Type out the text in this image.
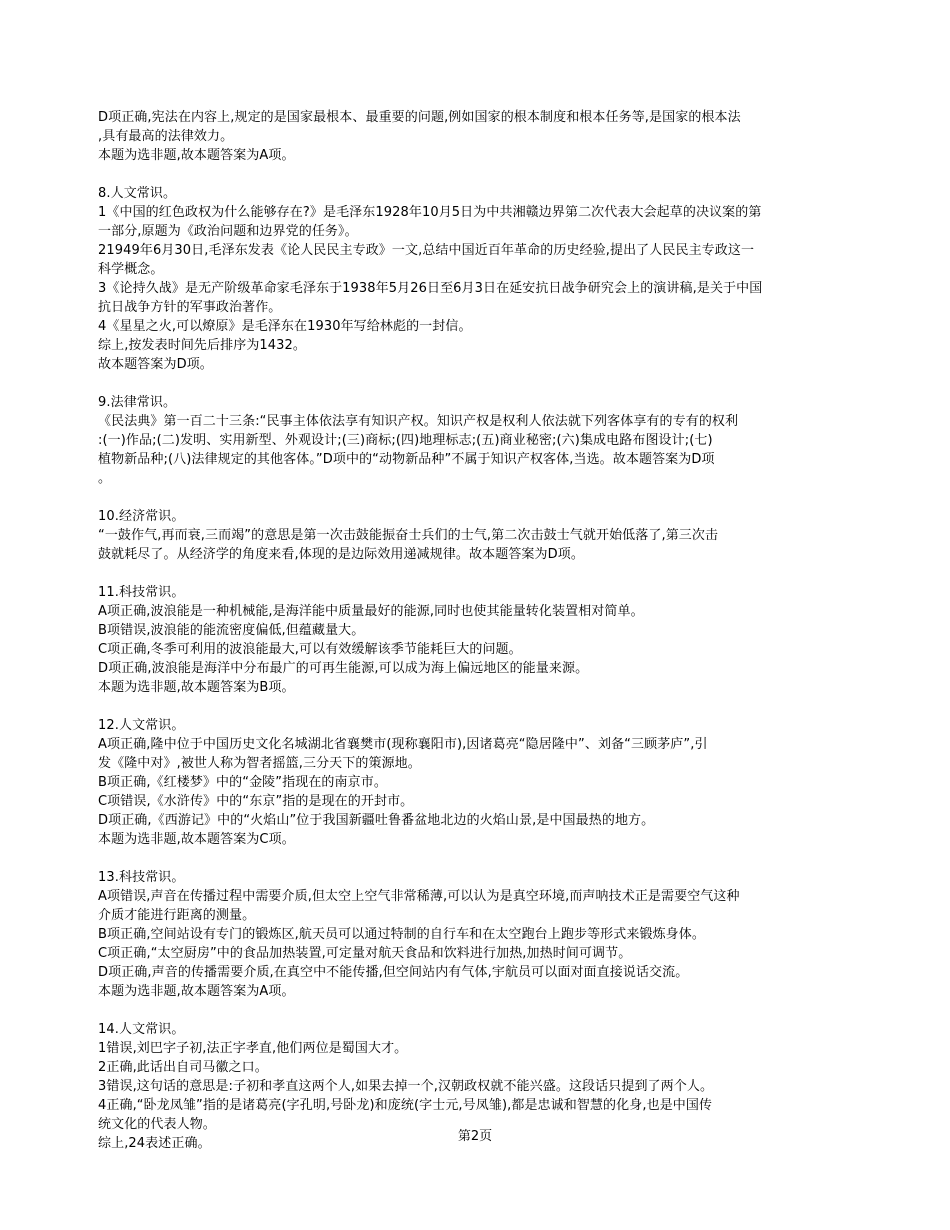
D项正确,宪法在内容上,规定的是国家最根本、最重要的问题,例如国家的根本制度和根本任务等,是国家的根本法
,具有最高的法律效力。
本题为选非题,故本题答案为A项。
8.人文常识。
1《中国的红色政权为什么能够存在?》是毛泽东1928年10月5日为中共湘赣边界第二次代表大会起草的决议案的第
一部分,原题为《政治问题和边界党的任务》。
21949年6月30日,毛泽东发表《论人民民主专政》一文,总结中国近百年革命的历史经验,提出了人民民主专政这一
科学概念。
3《论持久战》是无产阶级革命家毛泽东于1938年5月26日至6月3日在延安抗日战争研究会上的演讲稿,是关于中国
抗日战争方针的军事政治著作。
4《星星之火,可以燎原》是毛泽东在1930年写给林彪的一封信。
综上,按发表时间先后排序为1432。
故本题答案为D项。
9.法律常识。
《民法典》第一百二十三条:“民事主体依法享有知识产权。知识产权是权利人依法就下列客体享有的专有的权利
:(一)作品;(二)发明、实用新型、外观设计;(三)商标;(四)地理标志;(五)商业秘密;(六)集成电路布图设计;(七)
植物新品种;(八)法律规定的其他客体。”D项中的“动物新品种”不属于知识产权客体,当选。故本题答案为D项
。
10.经济常识。
“一鼓作气,再而衰,三而竭”的意思是第一次击鼓能振奋士兵们的士气,第二次击鼓士气就开始低落了,第三次击
鼓就耗尽了。从经济学的角度来看,体现的是边际效用递减规律。故本题答案为D项。
11.科技常识。
A项正确,波浪能是一种机械能,是海洋能中质量最好的能源,同时也使其能量转化装置相对简单。
B项错误,波浪能的能流密度偏低,但蕴藏量大。
C项正确,冬季可利用的波浪能最大,可以有效缓解该季节能耗巨大的问题。
D项正确,波浪能是海洋中分布最广的可再生能源,可以成为海上偏远地区的能量来源。
本题为选非题,故本题答案为B项。
12.人文常识。
A项正确,隆中位于中国历史文化名城湖北省襄樊市(现称襄阳市),因诸葛亮“隐居隆中”、刘备“三顾茅庐”,引
发《隆中对》,被世人称为智者摇篮,三分天下的策源地。
B项正确,《红楼梦》中的“金陵”指现在的南京市。
C项错误,《水浒传》中的“东京”指的是现在的开封市。
D项正确,《西游记》中的“火焰山”位于我国新疆吐鲁番盆地北边的火焰山景,是中国最热的地方。
本题为选非题,故本题答案为C项。
13.科技常识。
A项错误,声音在传播过程中需要介质,但太空上空气非常稀薄,可以认为是真空环境,而声呐技术正是需要空气这种
介质才能进行距离的测量。
B项正确,空间站设有专门的锻炼区,航天员可以通过特制的自行车和在太空跑台上跑步等形式来锻炼身体。
C项正确,“太空厨房”中的食品加热装置,可定量对航天食品和饮料进行加热,加热时间可调节。
D项正确,声音的传播需要介质,在真空中不能传播,但空间站内有气体,宇航员可以面对面直接说话交流。
本题为选非题,故本题答案为A项。
14.人文常识。
1错误,刘巴字子初,法正字孝直,他们两位是蜀国大才。
2正确,此话出自司马徽之口。
3错误,这句话的意思是:子初和孝直这两个人,如果去掉一个,汉朝政权就不能兴盛。这段话只提到了两个人。
4正确,“卧龙凤雏”指的是诸葛亮(字孔明,号卧龙)和庞统(字士元,号凤雏),都是忠诚和智慧的化身,也是中国传
统文化的代表人物。
综上,24表述正确。	第2页
